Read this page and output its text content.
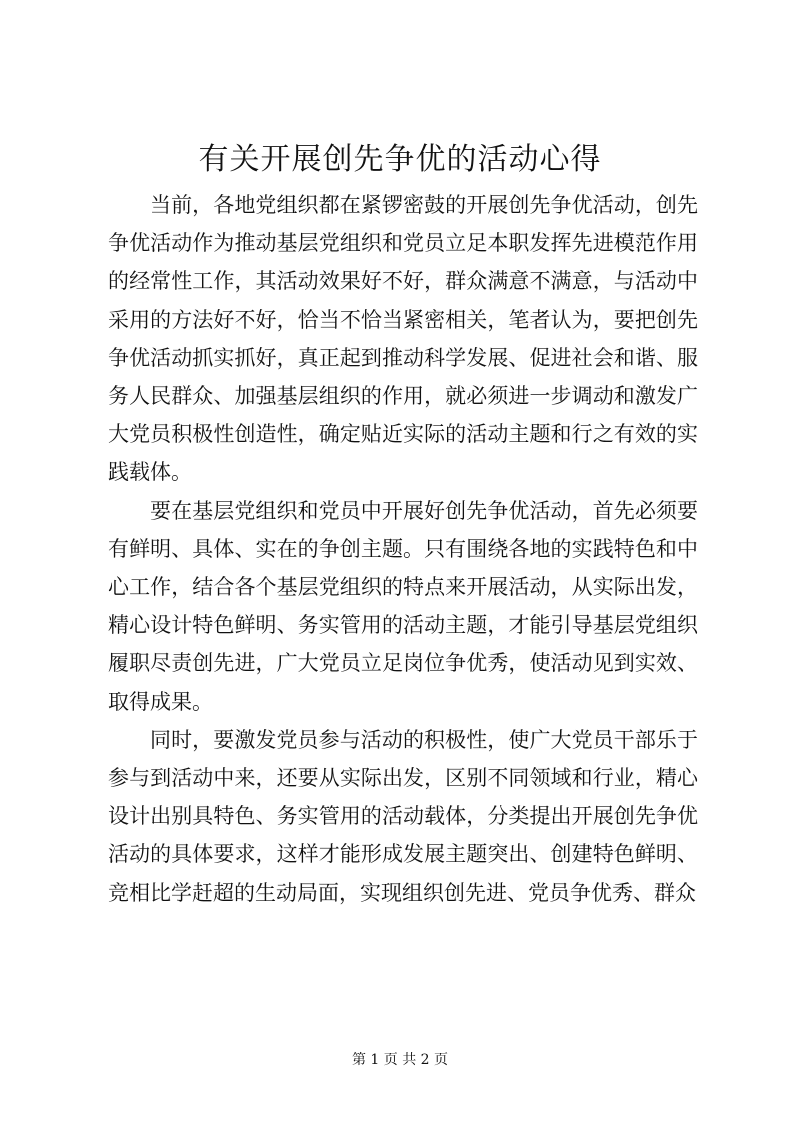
有关开展创先争优的活动心得

当前，各地党组织都在紧锣密鼓的开展创先争优活动，创先争优活动作为推动基层党组织和党员立足本职发挥先进模范作用的经常性工作，其活动效果好不好，群众满意不满意，与活动中采用的方法好不好，恰当不恰当紧密相关，笔者认为，要把创先争优活动抓实抓好，真正起到推动科学发展、促进社会和谐、服务人民群众、加强基层组织的作用，就必须进一步调动和激发广大党员积极性创造性，确定贴近实际的活动主题和行之有效的实践载体。

要在基层党组织和党员中开展好创先争优活动，首先必须要有鲜明、具体、实在的争创主题。只有围绕各地的实践特色和中心工作，结合各个基层党组织的特点来开展活动，从实际出发，精心设计特色鲜明、务实管用的活动主题，才能引导基层党组织履职尽责创先进，广大党员立足岗位争优秀，使活动见到实效、取得成果。

同时，要激发党员参与活动的积极性，使广大党员干部乐于参与到活动中来，还要从实际出发，区别不同领域和行业，精心设计出别具特色、务实管用的活动载体，分类提出开展创先争优活动的具体要求，这样才能形成发展主题突出、创建特色鲜明、竞相比学赶超的生动局面，实现组织创先进、党员争优秀、群众

第 1 页 共 2 页
